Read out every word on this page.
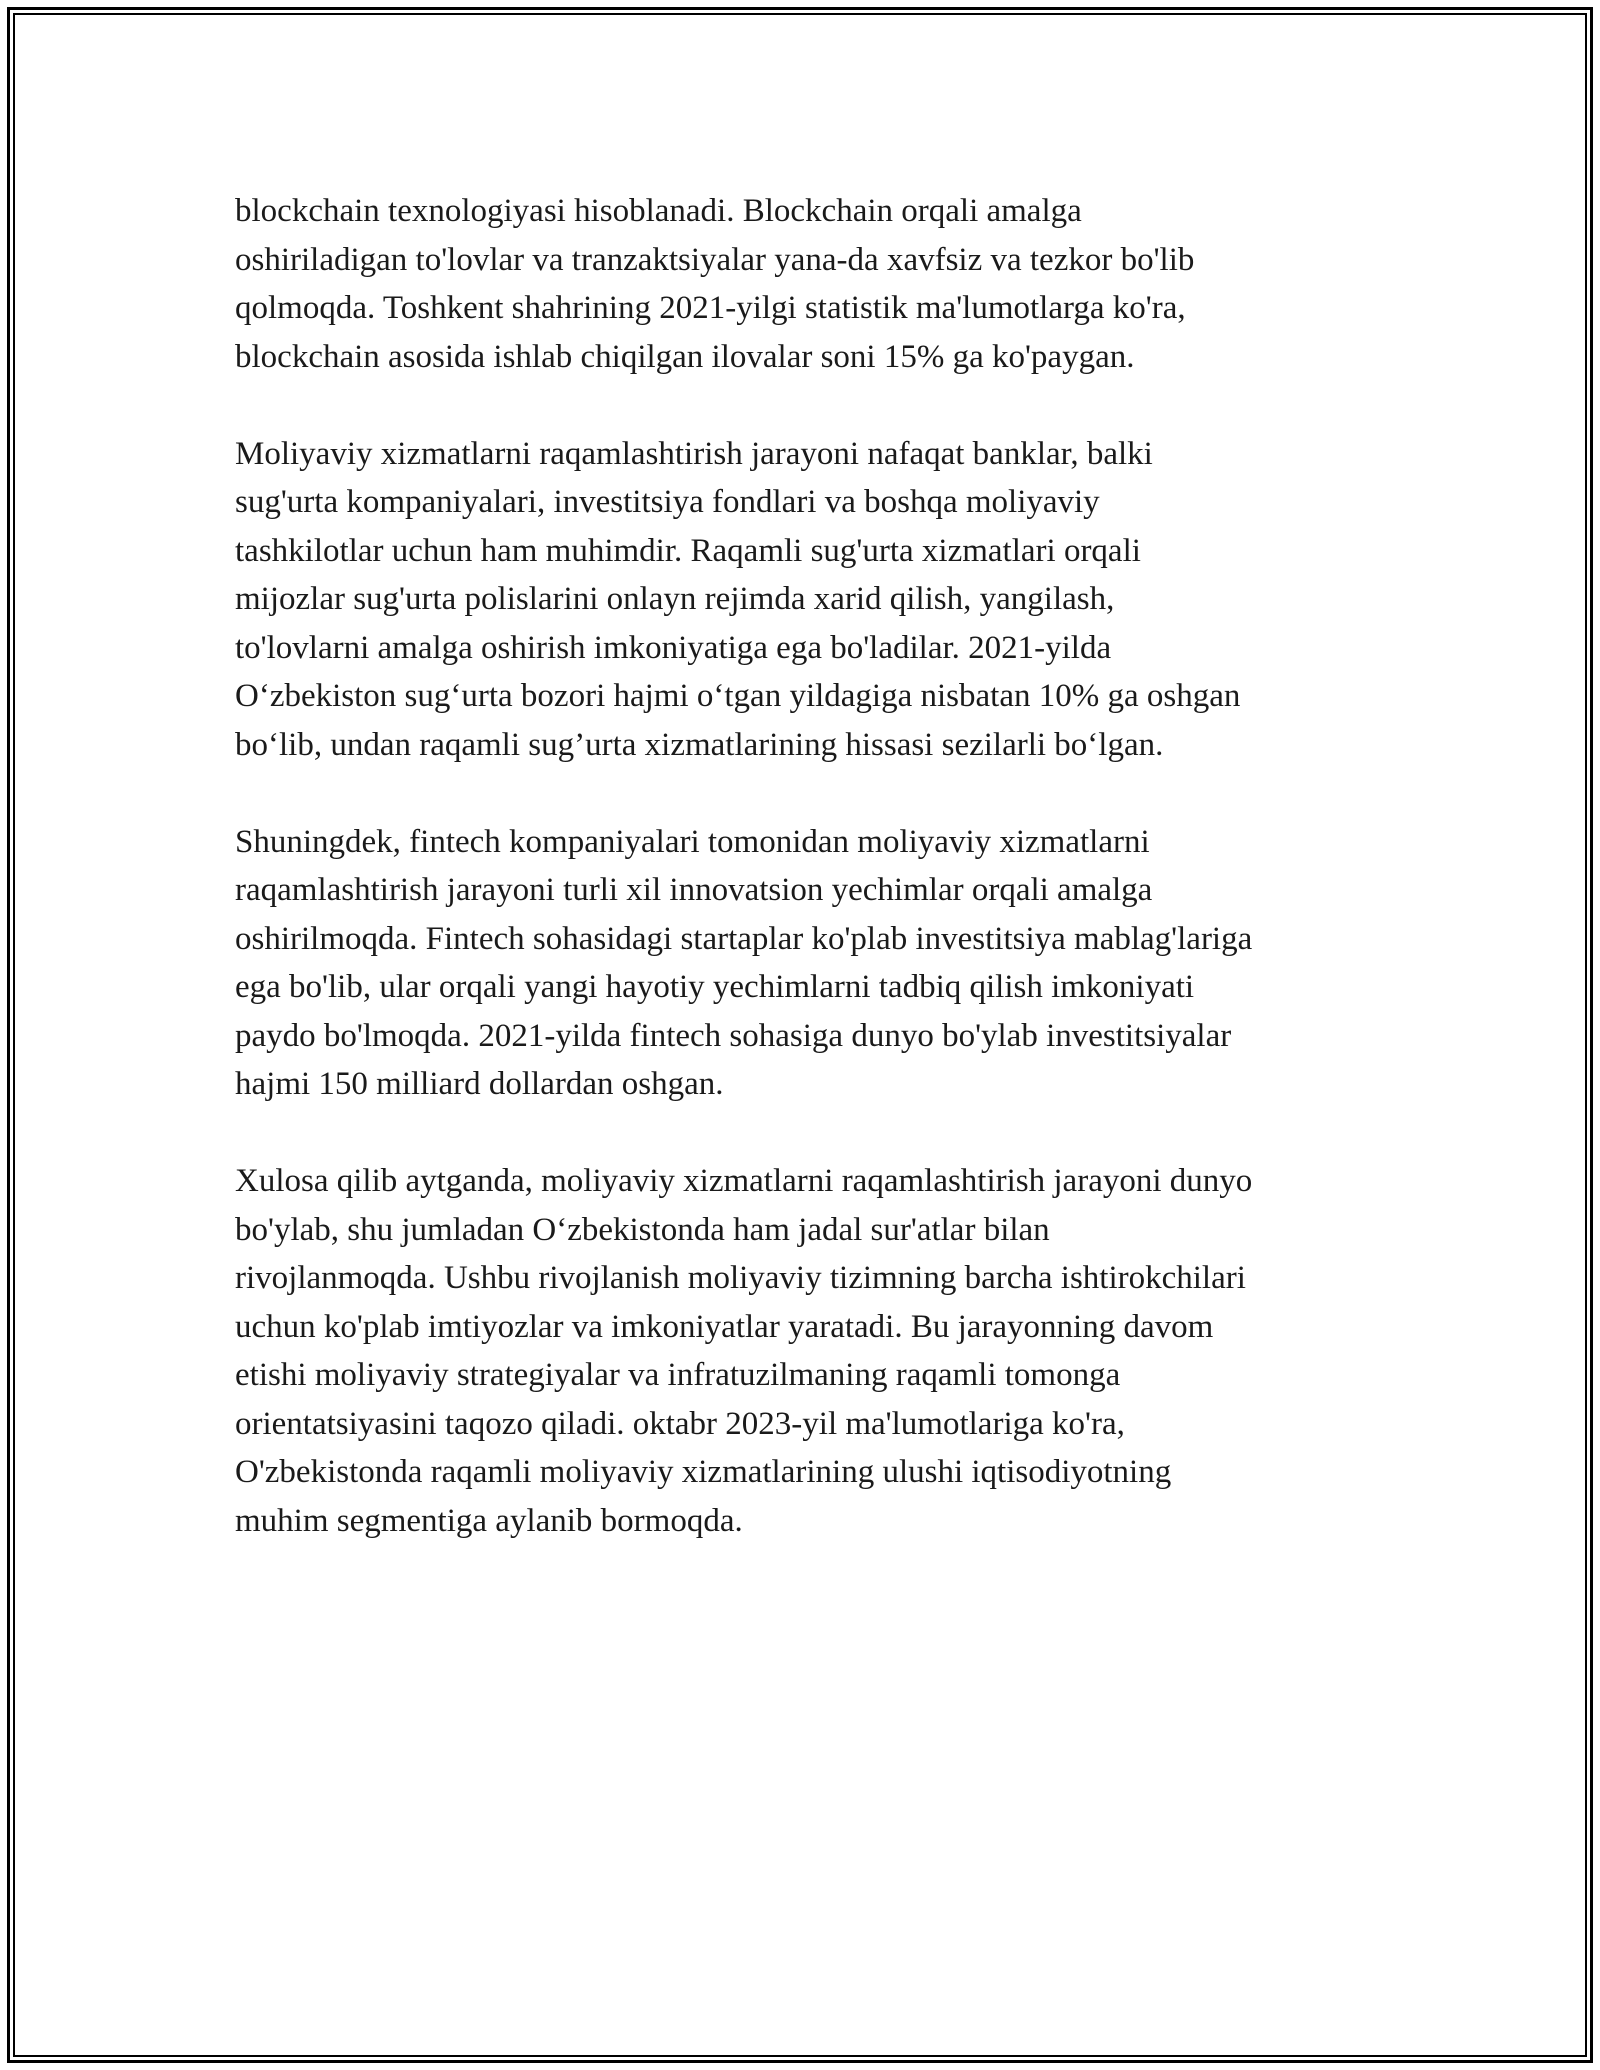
blockchain texnologiyasi hisoblanadi. Blockchain orqali amalga
oshiriladigan to'lovlar va tranzaktsiyalar yana-da xavfsiz va tezkor bo'lib
qolmoqda. Toshkent shahrining 2021-yilgi statistik ma'lumotlarga ko'ra,
blockchain asosida ishlab chiqilgan ilovalar soni 15% ga ko'paygan.
Moliyaviy xizmatlarni raqamlashtirish jarayoni nafaqat banklar, balki
sug'urta kompaniyalari, investitsiya fondlari va boshqa moliyaviy
tashkilotlar uchun ham muhimdir. Raqamli sug'urta xizmatlari orqali
mijozlar sug'urta polislarini onlayn rejimda xarid qilish, yangilash,
to'lovlarni amalga oshirish imkoniyatiga ega bo'ladilar. 2021-yilda
O‘zbekiston sug‘urta bozori hajmi o‘tgan yildagiga nisbatan 10% ga oshgan
bo‘lib, undan raqamli sug’urta xizmatlarining hissasi sezilarli bo‘lgan.
Shuningdek, fintech kompaniyalari tomonidan moliyaviy xizmatlarni
raqamlashtirish jarayoni turli xil innovatsion yechimlar orqali amalga
oshirilmoqda. Fintech sohasidagi startaplar ko'plab investitsiya mablag'lariga
ega bo'lib, ular orqali yangi hayotiy yechimlarni tadbiq qilish imkoniyati
paydo bo'lmoqda. 2021-yilda fintech sohasiga dunyo bo'ylab investitsiyalar
hajmi 150 milliard dollardan oshgan.
Xulosa qilib aytganda, moliyaviy xizmatlarni raqamlashtirish jarayoni dunyo
bo'ylab, shu jumladan O‘zbekistonda ham jadal sur'atlar bilan
rivojlanmoqda. Ushbu rivojlanish moliyaviy tizimning barcha ishtirokchilari
uchun ko'plab imtiyozlar va imkoniyatlar yaratadi. Bu jarayonning davom
etishi moliyaviy strategiyalar va infratuzilmaning raqamli tomonga
orientatsiyasini taqozo qiladi. oktabr 2023-yil ma'lumotlariga ko'ra,
O'zbekistonda raqamli moliyaviy xizmatlarining ulushi iqtisodiyotning
muhim segmentiga aylanib bormoqda.
